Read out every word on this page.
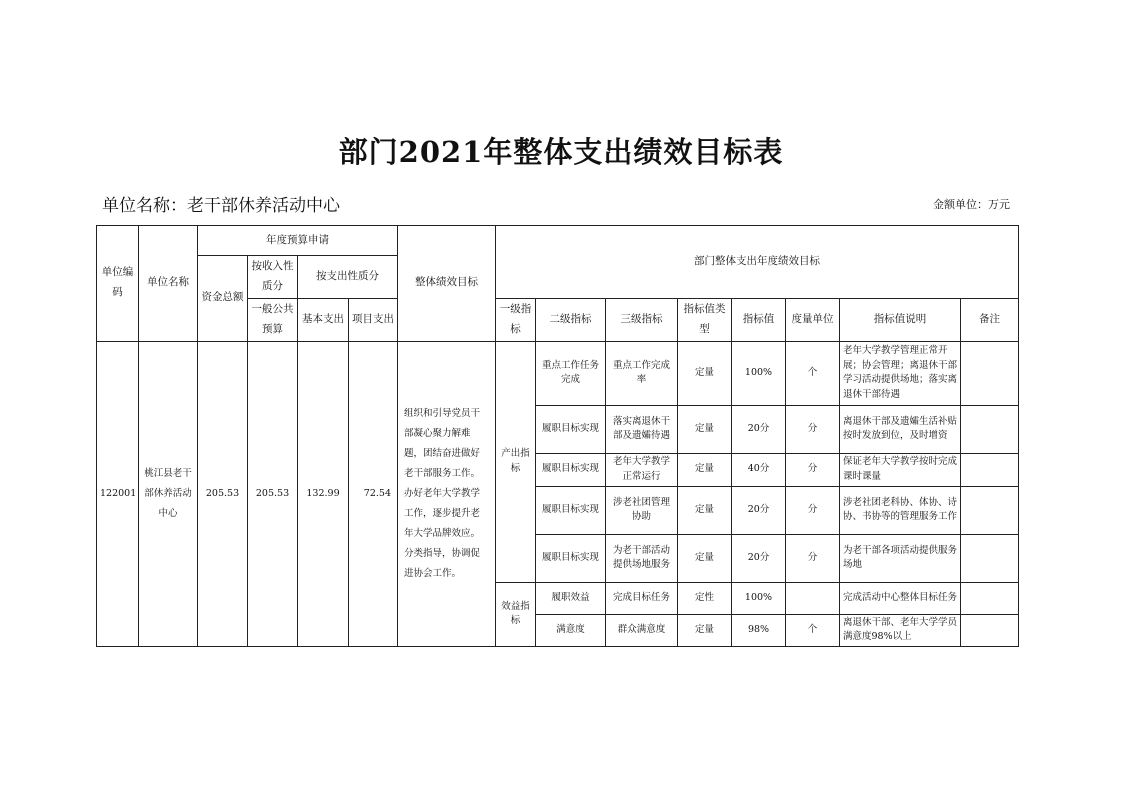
部门2021年整体支出绩效目标表
单位名称：老干部休养活动中心	金额单位：万元
单位编码	单位名称	年度预算申请				整体绩效目标	部门整体支出年度绩效目标							
		资金总额	按收入性质分	按支出性质分										
			一般公共预算	基本支出	项目支出		一级指标	二级指标	三级指标	指标值类型	指标值	度量单位	指标值说明	备注

122001	桃江县老干部休养活动中心	205.53	205.53	132.99	72.54	组织和引导党员干部凝心聚力解难题，团结奋进做好老干部服务工作。办好老年大学教学工作，逐步提升老年大学品牌效应。分类指导，协调促进协会工作。	产出指标	重点工作任务完成	重点工作完成率	定量	100%	个	老年大学教学管理正常开展；协会管理；离退休干部学习活动提供场地；落实离退休干部待遇	
								履职目标实现	落实离退休干部及遗孀待遇	定量	20分	分	离退休干部及遗孀生活补贴按时发放到位，及时增资	
								履职目标实现	老年大学教学正常运行	定量	40分	分	保证老年大学教学按时完成课时课量	
								履职目标实现	涉老社团管理协助	定量	20分	分	涉老社团老科协、体协、诗协、书协等的管理服务工作	
								履职目标实现	为老干部活动提供场地服务	定量	20分	分	为老干部各项活动提供服务场地	
							效益指标	履职效益	完成目标任务	定性	100%		完成活动中心整体目标任务	
								满意度	群众满意度	定量	98%	个	离退休干部、老年大学学员满意度98%以上	
